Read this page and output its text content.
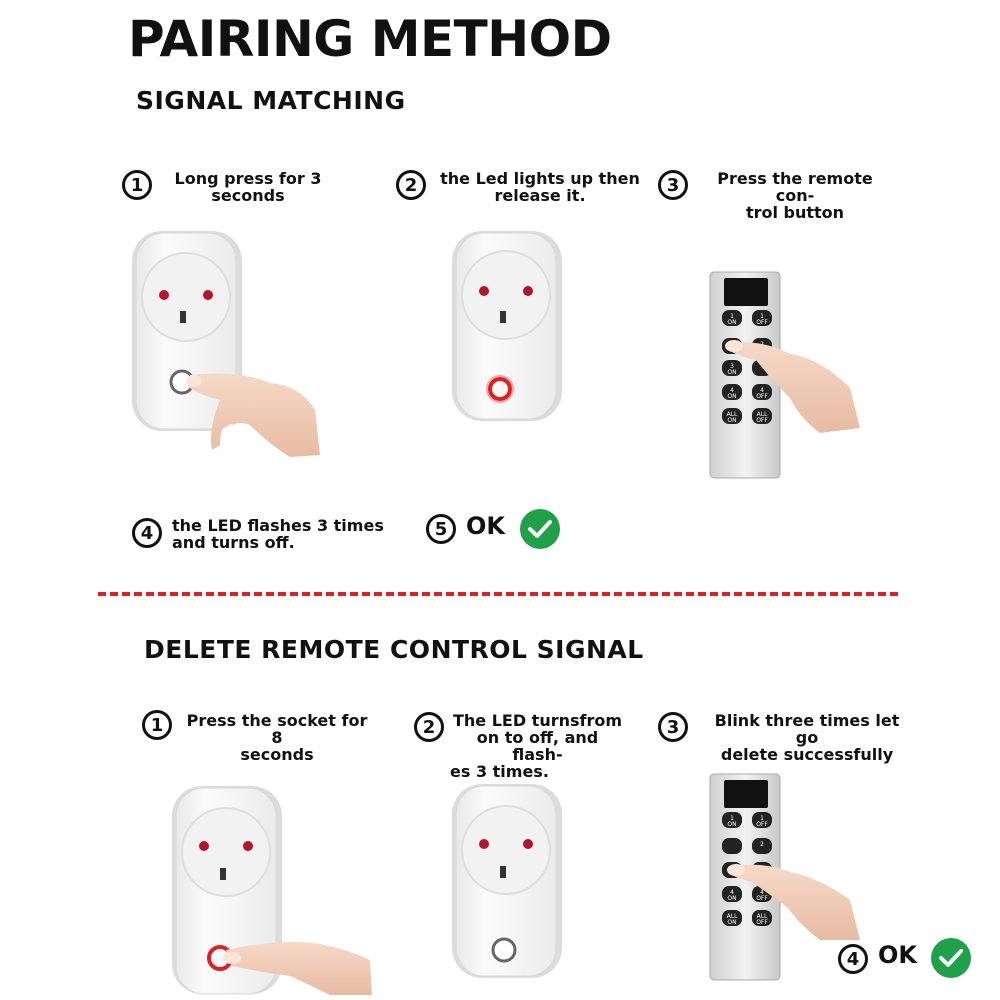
PAIRING METHOD
SIGNAL MATCHING
1	Long press for 3
seconds	2	the Led lights up then
release it.	3	Press the remote con-
trol button
1
ON
1
OFF
3
ON
4
ON
4
OFF
ALL
ON
ALL
OFF
4	the LED flashes 3 times
and turns off.
5 OK
DELETE REMOTE CONTROL SIGNAL
1	Press the socket for 8
seconds
2	The LED turnsfrom
on to off, and flash-
es 3 times.
3	Blink three times let go
delete successfully
1
ON
1
OFF
2
4
ON
4
OFF
ALL
ON
ALL
OFF
4 OK
